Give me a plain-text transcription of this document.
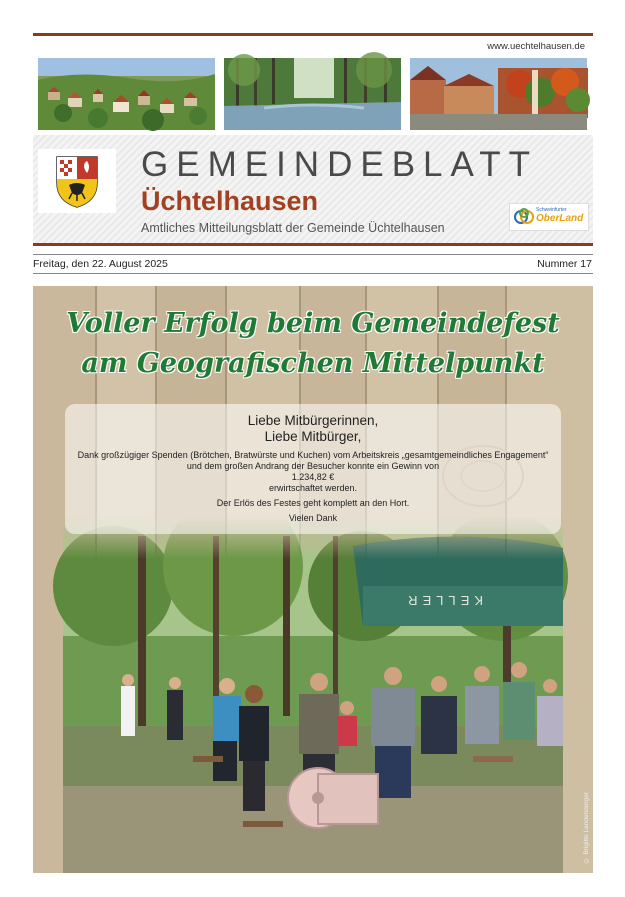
www.uechtelhausen.de
GEMEINDEBLATT
Üchtelhausen
Amtliches Mitteilungsblatt der Gemeinde Üchtelhausen
Schweinfurter
OberLand
Freitag, den 22. August 2025	Nummer 17
Voller Erfolg beim Gemeindefest
am Geografischen Mittelpunkt
Liebe Mitbürgerinnen,
Liebe Mitbürger,
Dank großzügiger Spenden (Brötchen, Bratwürste und Kuchen) vom Arbeitskreis „gesamtgemeindliches Engagement“ und dem großen Andrang der Besucher konnte ein Gewinn von
1.234,82 €
erwirtschaftet werden.
Der Erlös des Festes geht komplett an den Hort.
Vielen Dank
KELLER
© Brigitte Landendorger
